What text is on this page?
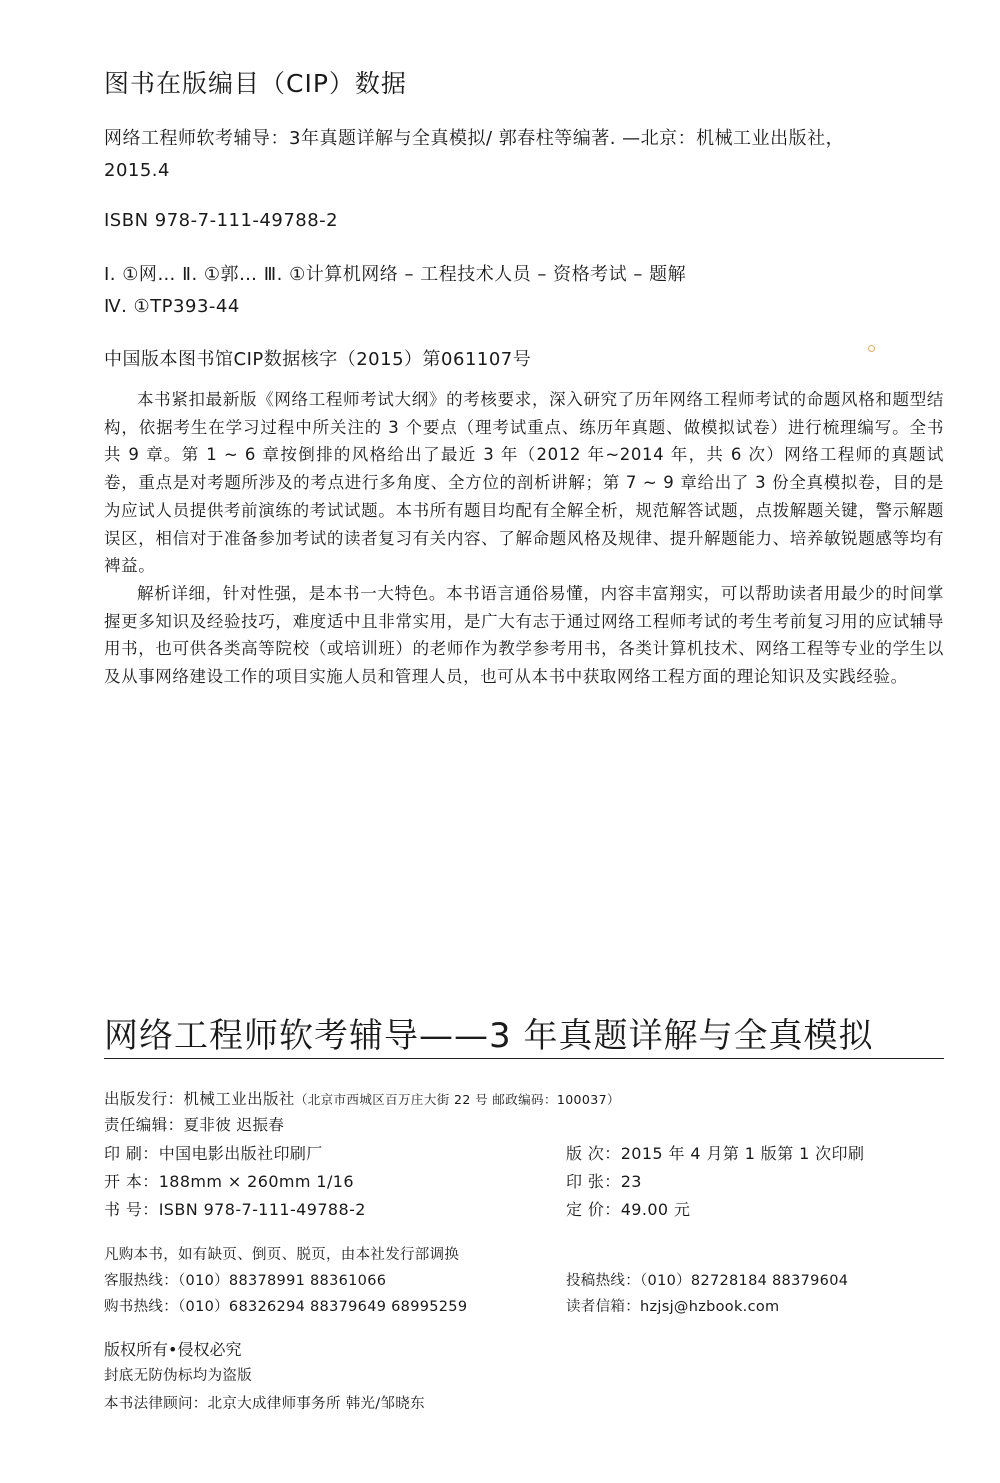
图书在版编目（CIP）数据
网络工程师软考辅导：3年真题详解与全真模拟/ 郭春柱等编著. —北京：机械工业出版社，
2015.4
ISBN 978-7-111-49788-2
Ⅰ. ①网… Ⅱ. ①郭… Ⅲ. ①计算机网络 – 工程技术人员 – 资格考试 – 题解
Ⅳ. ①TP393-44
中国版本图书馆CIP数据核字（2015）第061107号

本书紧扣最新版《网络工程师考试大纲》的考核要求，深入研究了历年网络工程师考试的命题风格和题型结构，依据考生在学习过程中所关注的 3 个要点（理考试重点、练历年真题、做模拟试卷）进行梳理编写。全书共 9 章。第 1 ~ 6 章按倒排的风格给出了最近 3 年（2012 年~2014 年，共 6 次）网络工程师的真题试卷，重点是对考题所涉及的考点进行多角度、全方位的剖析讲解；第 7 ~ 9 章给出了 3 份全真模拟卷，目的是为应试人员提供考前演练的考试试题。本书所有题目均配有全解全析，规范解答试题，点拨解题关键，警示解题误区，相信对于准备参加考试的读者复习有关内容、了解命题风格及规律、提升解题能力、培养敏锐题感等均有裨益。

解析详细，针对性强，是本书一大特色。本书语言通俗易懂，内容丰富翔实，可以帮助读者用最少的时间掌握更多知识及经验技巧，难度适中且非常实用，是广大有志于通过网络工程师考试的考生考前复习用的应试辅导用书，也可供各类高等院校（或培训班）的老师作为教学参考用书，各类计算机技术、网络工程等专业的学生以及从事网络建设工作的项目实施人员和管理人员，也可从本书中获取网络工程方面的理论知识及实践经验。

网络工程师软考辅导——3 年真题详解与全真模拟
出版发行：机械工业出版社（北京市西城区百万庄大街 22 号 邮政编码：100037）
责任编辑：夏非彼 迟振春
印 刷：中国电影出版社印刷厂	版 次：2015 年 4 月第 1 版第 1 次印刷
开 本：188mm × 260mm 1/16	印 张：23
书 号：ISBN 978-7-111-49788-2	定 价：49.00 元
凡购本书，如有缺页、倒页、脱页，由本社发行部调换
客服热线：（010）88378991 88361066	投稿热线：（010）82728184 88379604
购书热线：（010）68326294 88379649 68995259	读者信箱：hzjsj@hzbook.com
版权所有•侵权必究
封底无防伪标均为盗版
本书法律顾问：北京大成律师事务所 韩光/邹晓东
